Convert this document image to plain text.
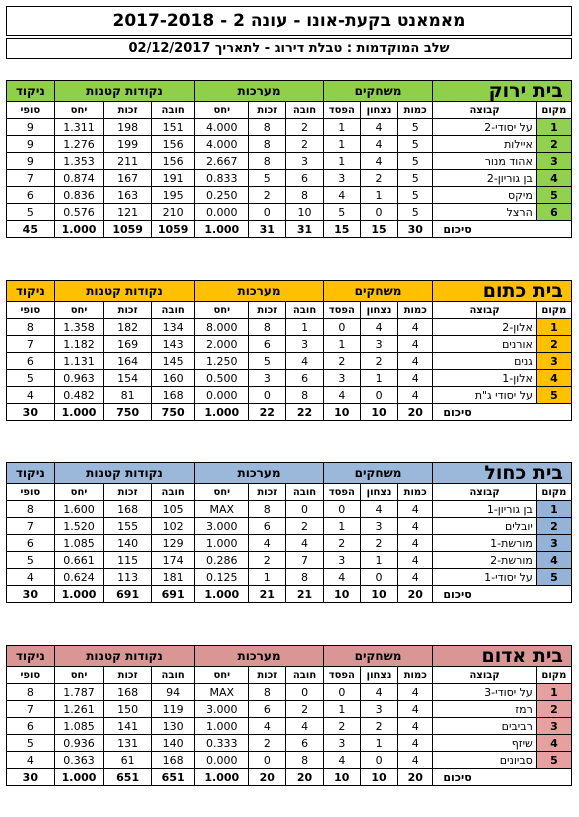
מאמאנט בקעת-אונו - עונה 2 - 2017-2018
שלב המוקדמות : טבלת דירוג - לתאריך 02/12/2017
בית ירוק		משחקים			מערכות			נקודות קטנות			ניקוד
מקום	קבוצה	כמות	נצחון	הפסד	חובה	זכות	יחס	חובה	זכות	יחס	סופי
1	על יסודי-2	5	4	1	2	8	4.000	151	198	1.311	9
2	איילות	5	4	1	2	8	4.000	156	199	1.276	9
3	אהוד מנור	5	4	1	3	8	2.667	156	211	1.353	9
4	בן גוריון-2	5	2	3	6	5	0.833	191	167	0.874	7
5	מיקס	5	1	4	8	2	0.250	195	163	0.836	6
6	הרצל	5	0	5	10	0	0.000	210	121	0.576	5
סיכום		30	15	15	31	31	1.000	1059	1059	1.000	45
בית כתום		משחקים			מערכות			נקודות קטנות			ניקוד
מקום	קבוצה	כמות	נצחון	הפסד	חובה	זכות	יחס	חובה	זכות	יחס	סופי
1	אלון-2	4	4	0	1	8	8.000	134	182	1.358	8
2	אורנים	4	3	1	3	6	2.000	143	169	1.182	7
3	גנים	4	2	2	4	5	1.250	145	164	1.131	6
4	אלון-1	4	1	3	6	3	0.500	160	154	0.963	5
5	על יסודי ג"ת	4	0	4	8	0	0.000	168	81	0.482	4
סיכום		20	10	10	22	22	1.000	750	750	1.000	30
בית כחול		משחקים			מערכות			נקודות קטנות			ניקוד
מקום	קבוצה	כמות	נצחון	הפסד	חובה	זכות	יחס	חובה	זכות	יחס	סופי
1	בן גוריון-1	4	4	0	0	8	MAX	105	168	1.600	8
2	יובלים	4	3	1	2	6	3.000	102	155	1.520	7
3	מורשת-1	4	2	2	4	4	1.000	129	140	1.085	6
4	מורשת-2	4	1	3	7	2	0.286	174	115	0.661	5
5	על יסודי-1	4	0	4	8	1	0.125	181	113	0.624	4
סיכום		20	10	10	21	21	1.000	691	691	1.000	30
בית אדום		משחקים			מערכות			נקודות קטנות			ניקוד
מקום	קבוצה	כמות	נצחון	הפסד	חובה	זכות	יחס	חובה	זכות	יחס	סופי
1	על יסודי-3	4	4	0	0	8	MAX	94	168	1.787	8
2	רמז	4	3	1	2	6	3.000	119	150	1.261	7
3	רביבים	4	2	2	4	4	1.000	130	141	1.085	6
4	שיזף	4	1	3	6	2	0.333	140	131	0.936	5
5	סביונים	4	0	4	8	0	0.000	168	61	0.363	4
סיכום		20	10	10	20	20	1.000	651	651	1.000	30
